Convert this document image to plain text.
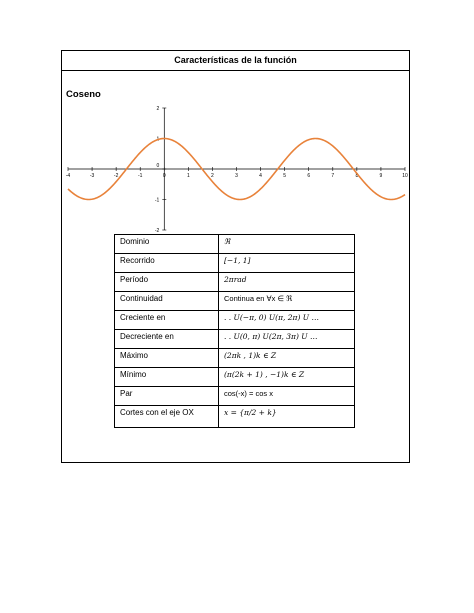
Características de la función
Coseno
-4	-3	-2	-1	0	1	2	3	4	5	6	7	8	9	10
2
1
0
-1
-2
Dominio	ℜ
Recorrido	[−1, 1]
Período	2πrad
Continuidad	Continua en ∀x ∈ ℜ
Creciente en	. . U(−π, 0) U(π, 2π) U …
Decreciente en	. . U(0, π) U(2π, 3π) U …
Máximo	(2πk , 1)k ∈ Z
Mínimo	(π(2k + 1) , −1)k ∈ Z
Par	cos(-x) = cos x
Cortes con el eje OX	x = {π/2 + k}
